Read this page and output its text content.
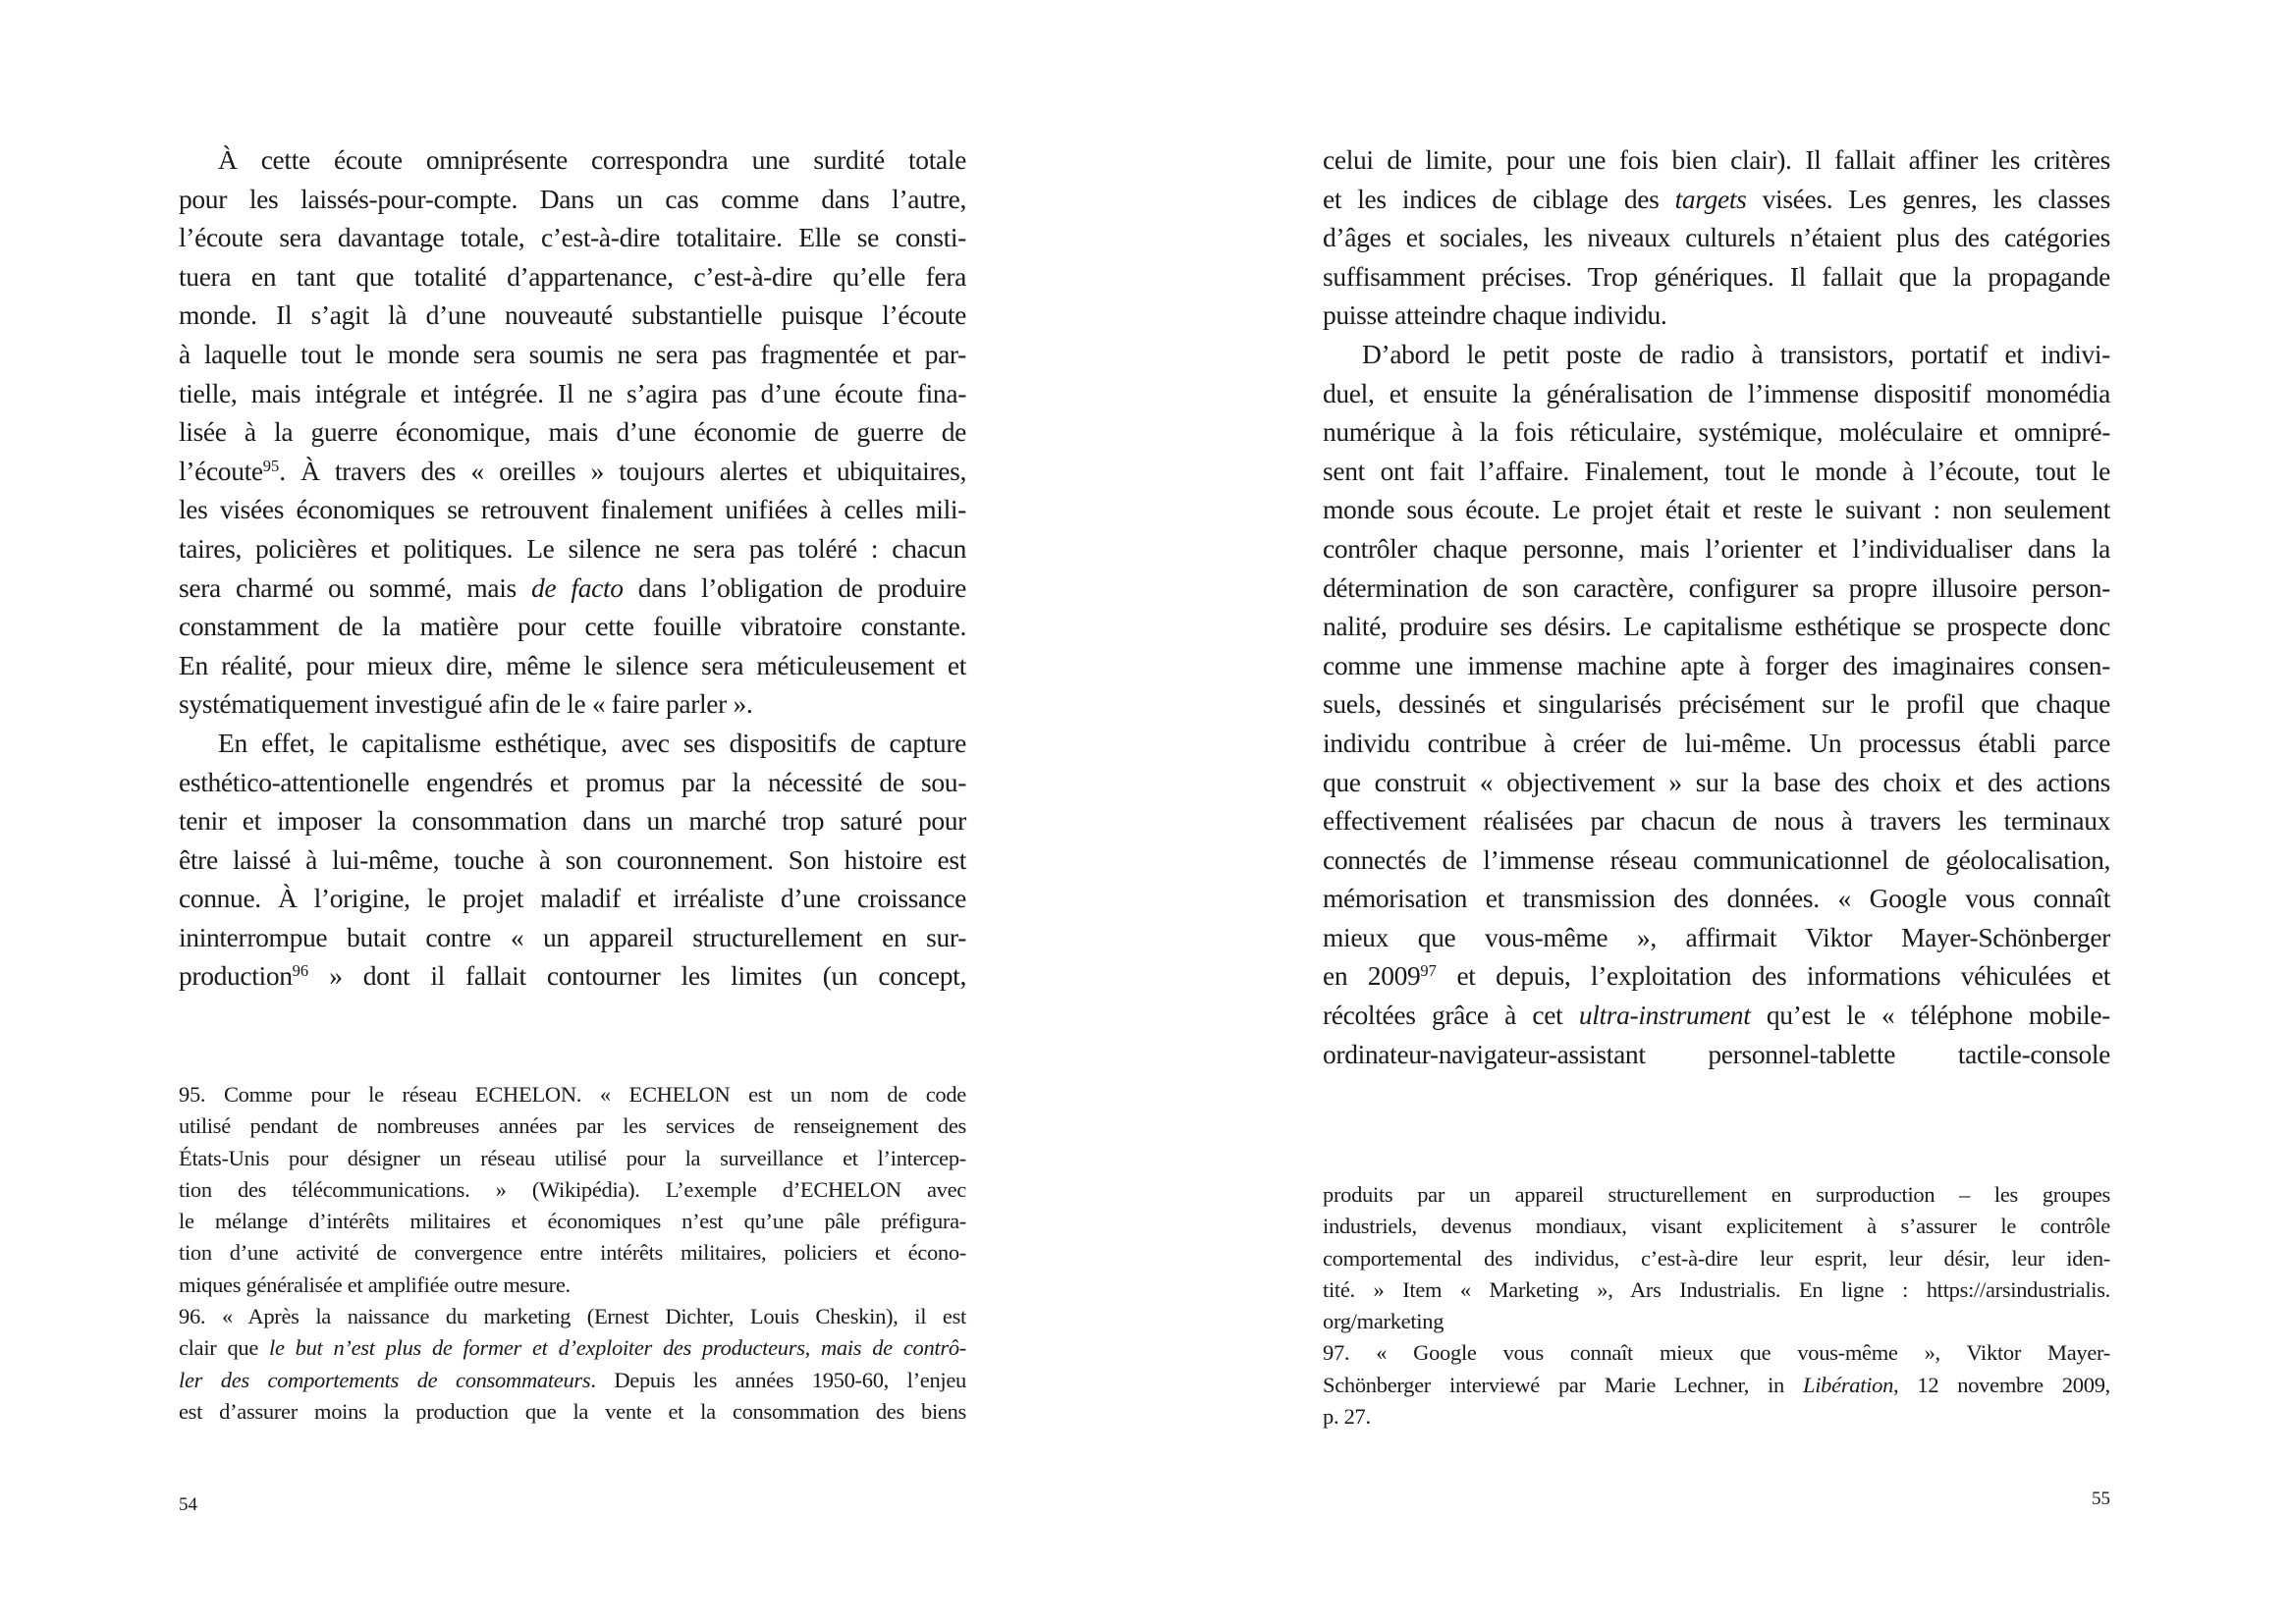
À cette écoute omniprésente correspondra une surdité totale
pour les laissés-pour-compte. Dans un cas comme dans l’autre,
l’écoute sera davantage totale, c’est-à-dire totalitaire. Elle se consti-
tuera en tant que totalité d’appartenance, c’est-à-dire qu’elle fera
monde. Il s’agit là d’une nouveauté substantielle puisque l’écoute
à laquelle tout le monde sera soumis ne sera pas fragmentée et par-
tielle, mais intégrale et intégrée. Il ne s’agira pas d’une écoute fina-
lisée à la guerre économique, mais d’une économie de guerre de
l’écoute$^{95}$. À travers des « oreilles » toujours alertes et ubiquitaires,
les visées économiques se retrouvent finalement unifiées à celles mili-
taires, policières et politiques. Le silence ne sera pas toléré : chacun
sera charmé ou sommé, mais de facto dans l’obligation de produire
constamment de la matière pour cette fouille vibratoire constante.
En réalité, pour mieux dire, même le silence sera méticuleusement et
systématiquement investigué afin de le « faire parler ».
En effet, le capitalisme esthétique, avec ses dispositifs de capture
esthético-attentionelle engendrés et promus par la nécessité de sou-
tenir et imposer la consommation dans un marché trop saturé pour
être laissé à lui-même, touche à son couronnement. Son histoire est
connue. À l’origine, le projet maladif et irréaliste d’une croissance
ininterrompue butait contre « un appareil structurellement en sur-
production$^{96}$ » dont il fallait contourner les limites (un concept,
95. Comme pour le réseau ECHELON. « ECHELON est un nom de code
utilisé pendant de nombreuses années par les services de renseignement des
États-Unis pour désigner un réseau utilisé pour la surveillance et l’intercep-
tion des télécommunications. » (Wikipédia). L’exemple d’ECHELON avec
le mélange d’intérêts militaires et économiques n’est qu’une pâle préfigura-
tion d’une activité de convergence entre intérêts militaires, policiers et écono-
miques généralisée et amplifiée outre mesure.
96. « Après la naissance du marketing (Ernest Dichter, Louis Cheskin), il est
clair que le but n’est plus de former et d’exploiter des producteurs, mais de contrô-
ler des comportements de consommateurs. Depuis les années 1950-60, l’enjeu
est d’assurer moins la production que la vente et la consommation des biens
54
celui de limite, pour une fois bien clair). Il fallait affiner les critères
et les indices de ciblage des targets visées. Les genres, les classes
d’âges et sociales, les niveaux culturels n’étaient plus des catégories
suffisamment précises. Trop génériques. Il fallait que la propagande
puisse atteindre chaque individu.
D’abord le petit poste de radio à transistors, portatif et indivi-
duel, et ensuite la généralisation de l’immense dispositif monomédia
numérique à la fois réticulaire, systémique, moléculaire et omnipré-
sent ont fait l’affaire. Finalement, tout le monde à l’écoute, tout le
monde sous écoute. Le projet était et reste le suivant : non seulement
contrôler chaque personne, mais l’orienter et l’individualiser dans la
détermination de son caractère, configurer sa propre illusoire person-
nalité, produire ses désirs. Le capitalisme esthétique se prospecte donc
comme une immense machine apte à forger des imaginaires consen-
suels, dessinés et singularisés précisément sur le profil que chaque
individu contribue à créer de lui-même. Un processus établi parce
que construit « objectivement » sur la base des choix et des actions
effectivement réalisées par chacun de nous à travers les terminaux
connectés de l’immense réseau communicationnel de géolocalisation,
mémorisation et transmission des données. « Google vous connaît
mieux que vous-même », affirmait Viktor Mayer-Schönberger
en 2009$^{97}$ et depuis, l’exploitation des informations véhiculées et
récoltées grâce à cet ultra-instrument qu’est le « téléphone mobile-
ordinateur-navigateur-assistant personnel-tablette tactile-console
produits par un appareil structurellement en surproduction – les groupes
industriels, devenus mondiaux, visant explicitement à s’assurer le contrôle
comportemental des individus, c’est-à-dire leur esprit, leur désir, leur iden-
tité. » Item « Marketing », Ars Industrialis. En ligne : https://arsindustrialis.
org/marketing
97. « Google vous connaît mieux que vous-même », Viktor Mayer-
Schönberger interviewé par Marie Lechner, in Libération, 12 novembre 2009,
p. 27.
55
